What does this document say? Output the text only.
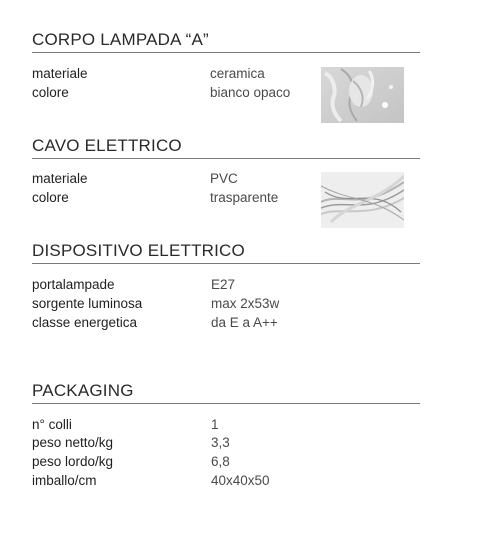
CORPO LAMPADA “A”
materiale	ceramica
colore	bianco opaco
CAVO ELETTRICO
materiale	PVC
colore	trasparente
DISPOSITIVO ELETTRICO
portalampade	E27
sorgente luminosa	max 2x53w
classe energetica	da E a A++
PACKAGING
n° colli	1
peso netto/kg	3,3
peso lordo/kg	6,8
imballo/cm	40x40x50
